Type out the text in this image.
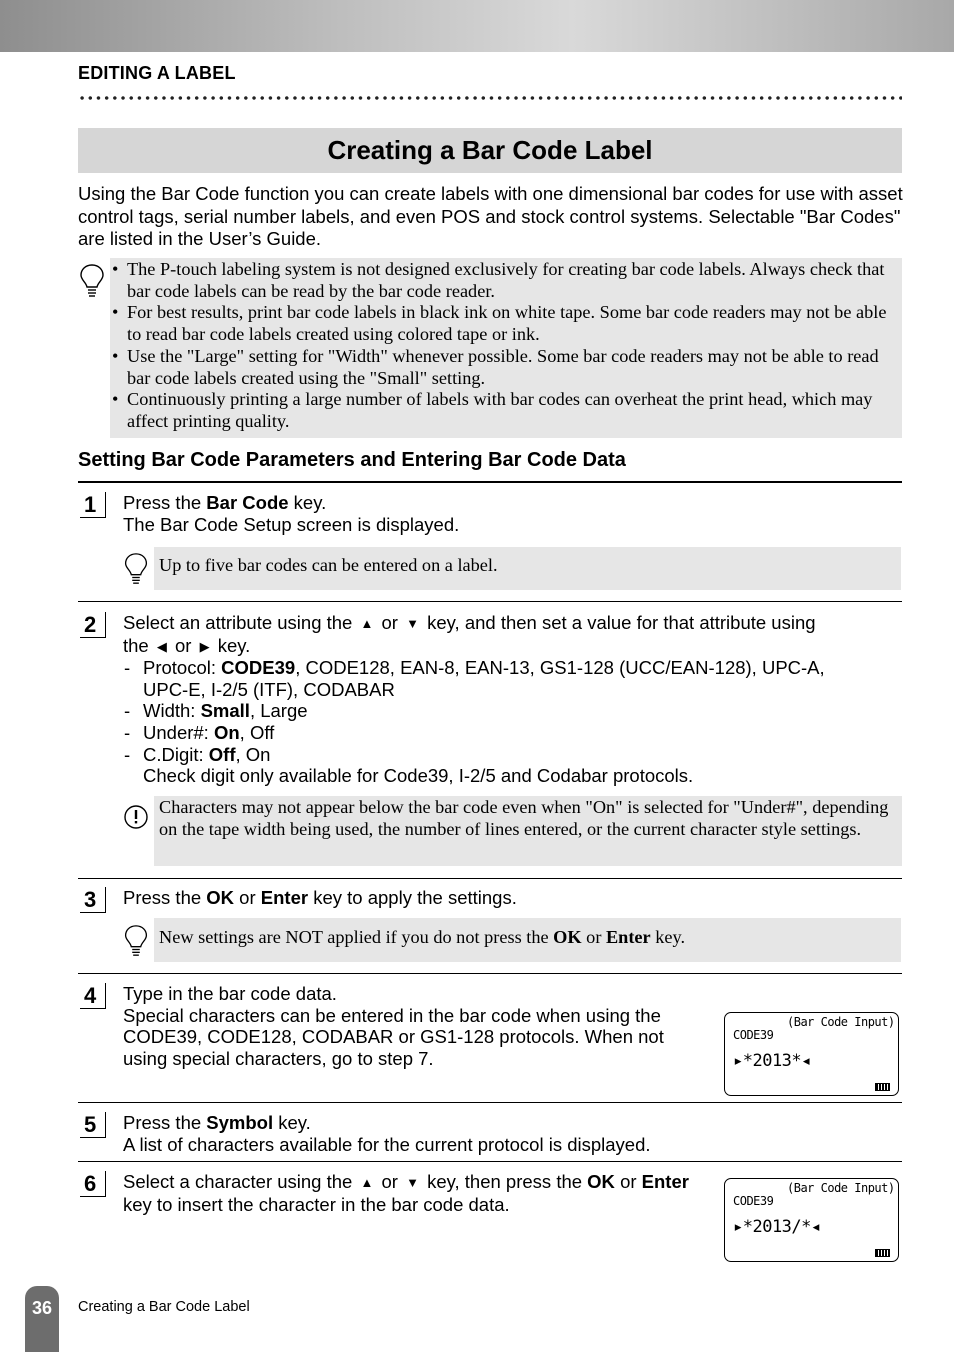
EDITING A LABEL
Creating a Bar Code Label
Using the Bar Code function you can create labels with one dimensional bar codes for use with asset control tags, serial number labels, and even POS and stock control systems. Selectable "Bar Codes" are listed in the User’s Guide.
• The P-touch labeling system is not designed exclusively for creating bar code labels. Always check that bar code labels can be read by the bar code reader.
• For best results, print bar code labels in black ink on white tape. Some bar code readers may not be able to read bar code labels created using colored tape or ink.
• Use the "Large" setting for "Width" whenever possible. Some bar code readers may not be able to read bar code labels created using the "Small" setting.
• Continuously printing a large number of labels with bar codes can overheat the print head, which may affect printing quality.
Setting Bar Code Parameters and Entering Bar Code Data
1	Press the Bar Code key.

The Bar Code Setup screen is displayed.

Up to five bar codes can be entered on a label.
2	Select an attribute using the ▲ or ▼ key, and then set a value for that attribute using

the ◀ or ▶ key.

- Protocol: CODE39, CODE128, EAN-8, EAN-13, GS1-128 (UCC/EAN-128), UPC-A,
UPC-E, I-2/5 (ITF), CODABAR
- Width: Small, Large
- Under#: On, Off
- C.Digit: Off, On
Check digit only available for Code39, I-2/5 and Codabar protocols.
Characters may not appear below the bar code even when "On" is selected for "Under#", depending on the tape width being used, the number of lines entered, or the current character style settings.
3	Press the OK or Enter key to apply the settings.

New settings are NOT applied if you do not press the OK or Enter key.
4	Type in the bar code data.

Special characters can be entered in the bar code when using the CODE39, CODE128, CODABAR or GS1-128 protocols. When not using special characters, go to step 7.

(Bar Code Input)
CODE39
▸*2013*◂
5	Press the Symbol key.

A list of characters available for the current protocol is displayed.

6	Select a character using the ▲ or ▼ key, then press the OK or Enter key to insert the character in the bar code data.

(Bar Code Input)
CODE39
▸*2013/*◂
36	Creating a Bar Code Label
